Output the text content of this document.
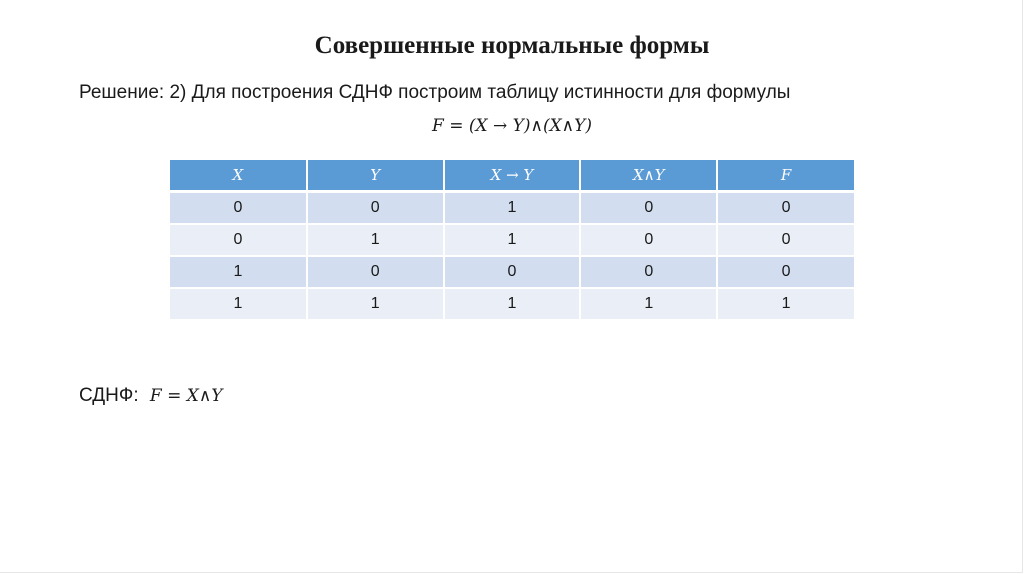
Совершенные нормальные формы
Решение: 2) Для построения СДНФ построим таблицу истинности для формулы
F = (X → Y)∧(X∧Y)
X	Y	X → Y	X∧Y	F
0	0	1	0	0
0	1	1	0	0
1	0	0	0	0
1	1	1	1	1
СДНФ: F = X∧Y
